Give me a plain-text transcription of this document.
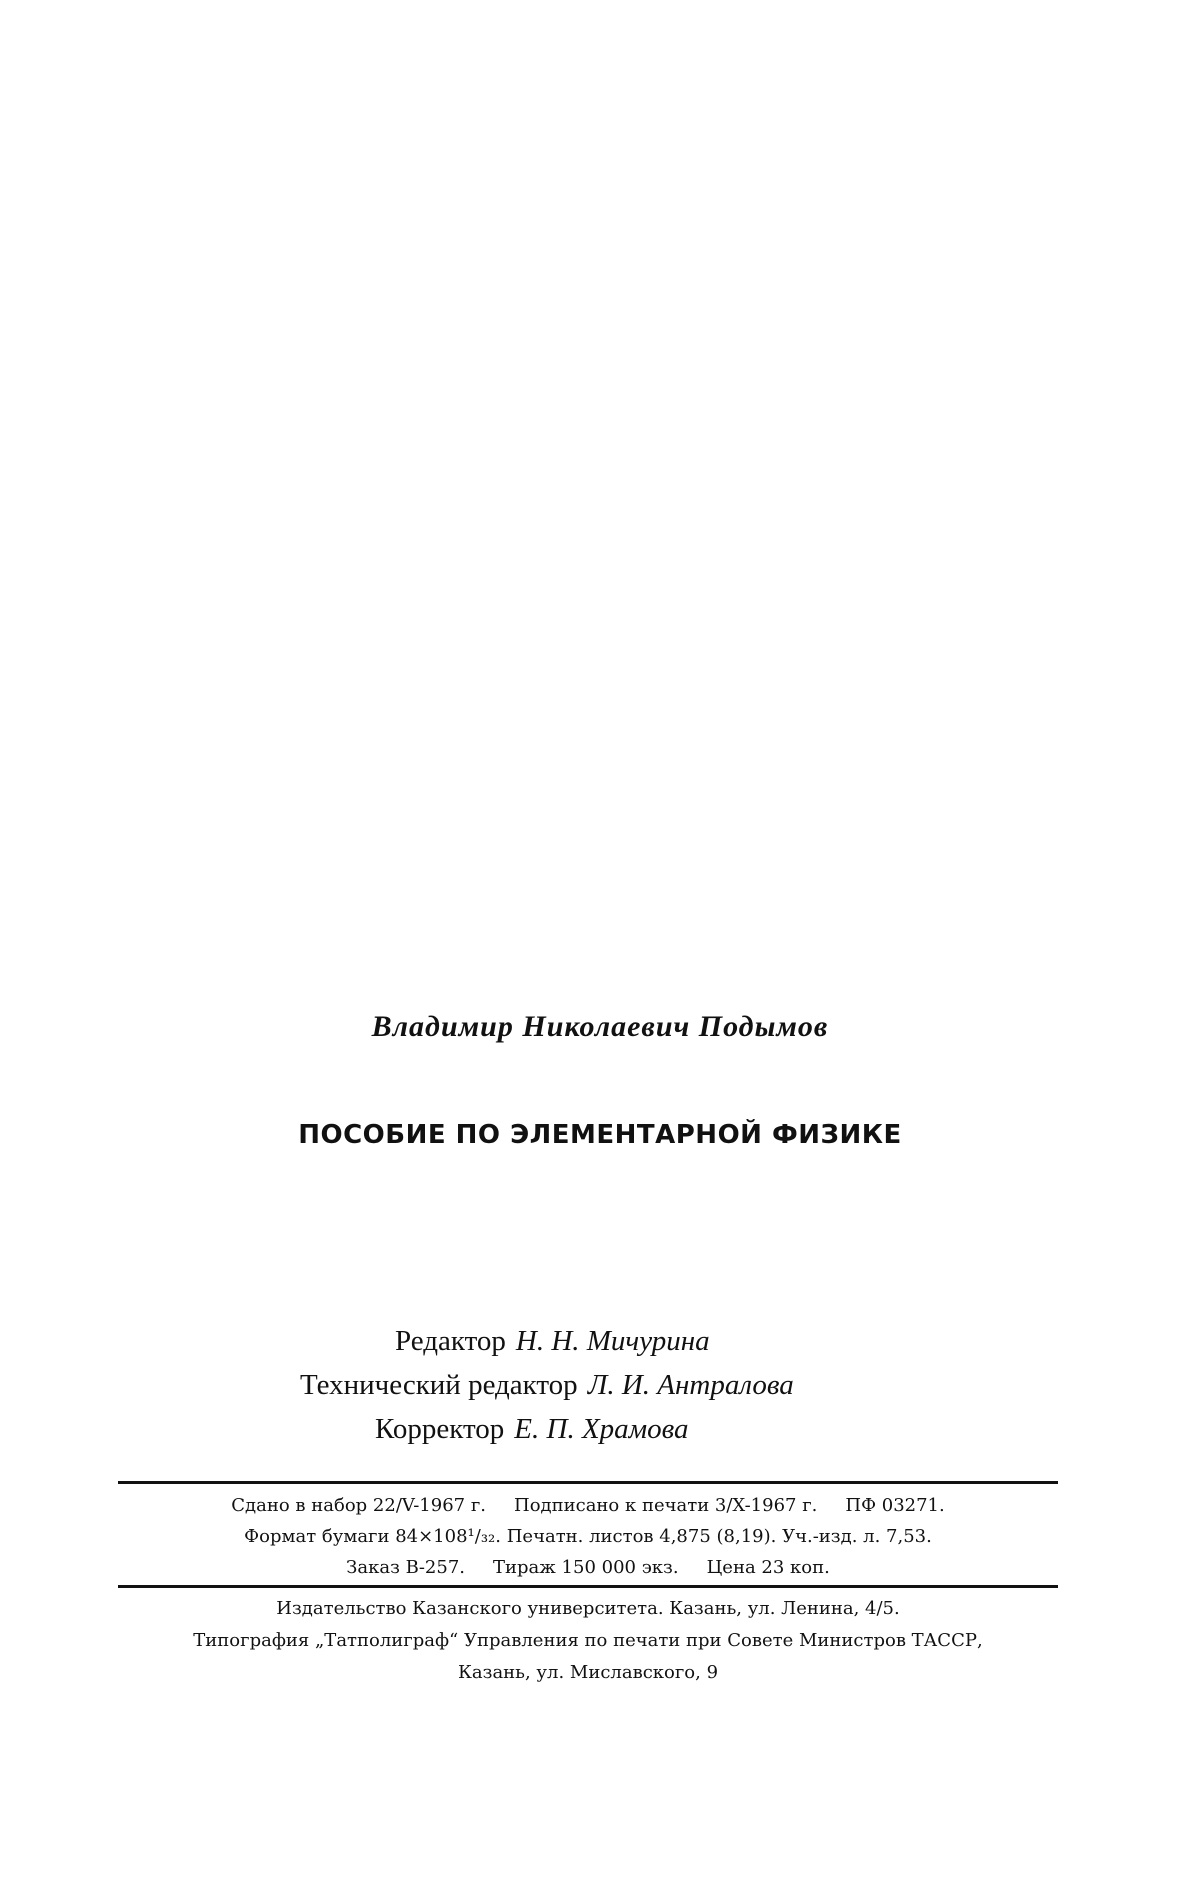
Владимир Николаевич Подымов
ПОСОБИЕ ПО ЭЛЕМЕНТАРНОЙ ФИЗИКЕ
Редактор Н. Н. Мичурина
Технический редактор Л. И. Антралова
Корректор Е. П. Храмова
Сдано в набор 22/V-1967 г. Подписано к печати 3/X-1967 г. ПФ 03271.
Формат бумаги 84×108¹/₃₂. Печатн. листов 4,875 (8,19). Уч.-изд. л. 7,53.
Заказ В-257. Тираж 150 000 экз. Цена 23 коп.
Издательство Казанского университета. Казань, ул. Ленина, 4/5.
Типография „Татполиграф“ Управления по печати при Совете Министров ТАССР,
Казань, ул. Миславского, 9
